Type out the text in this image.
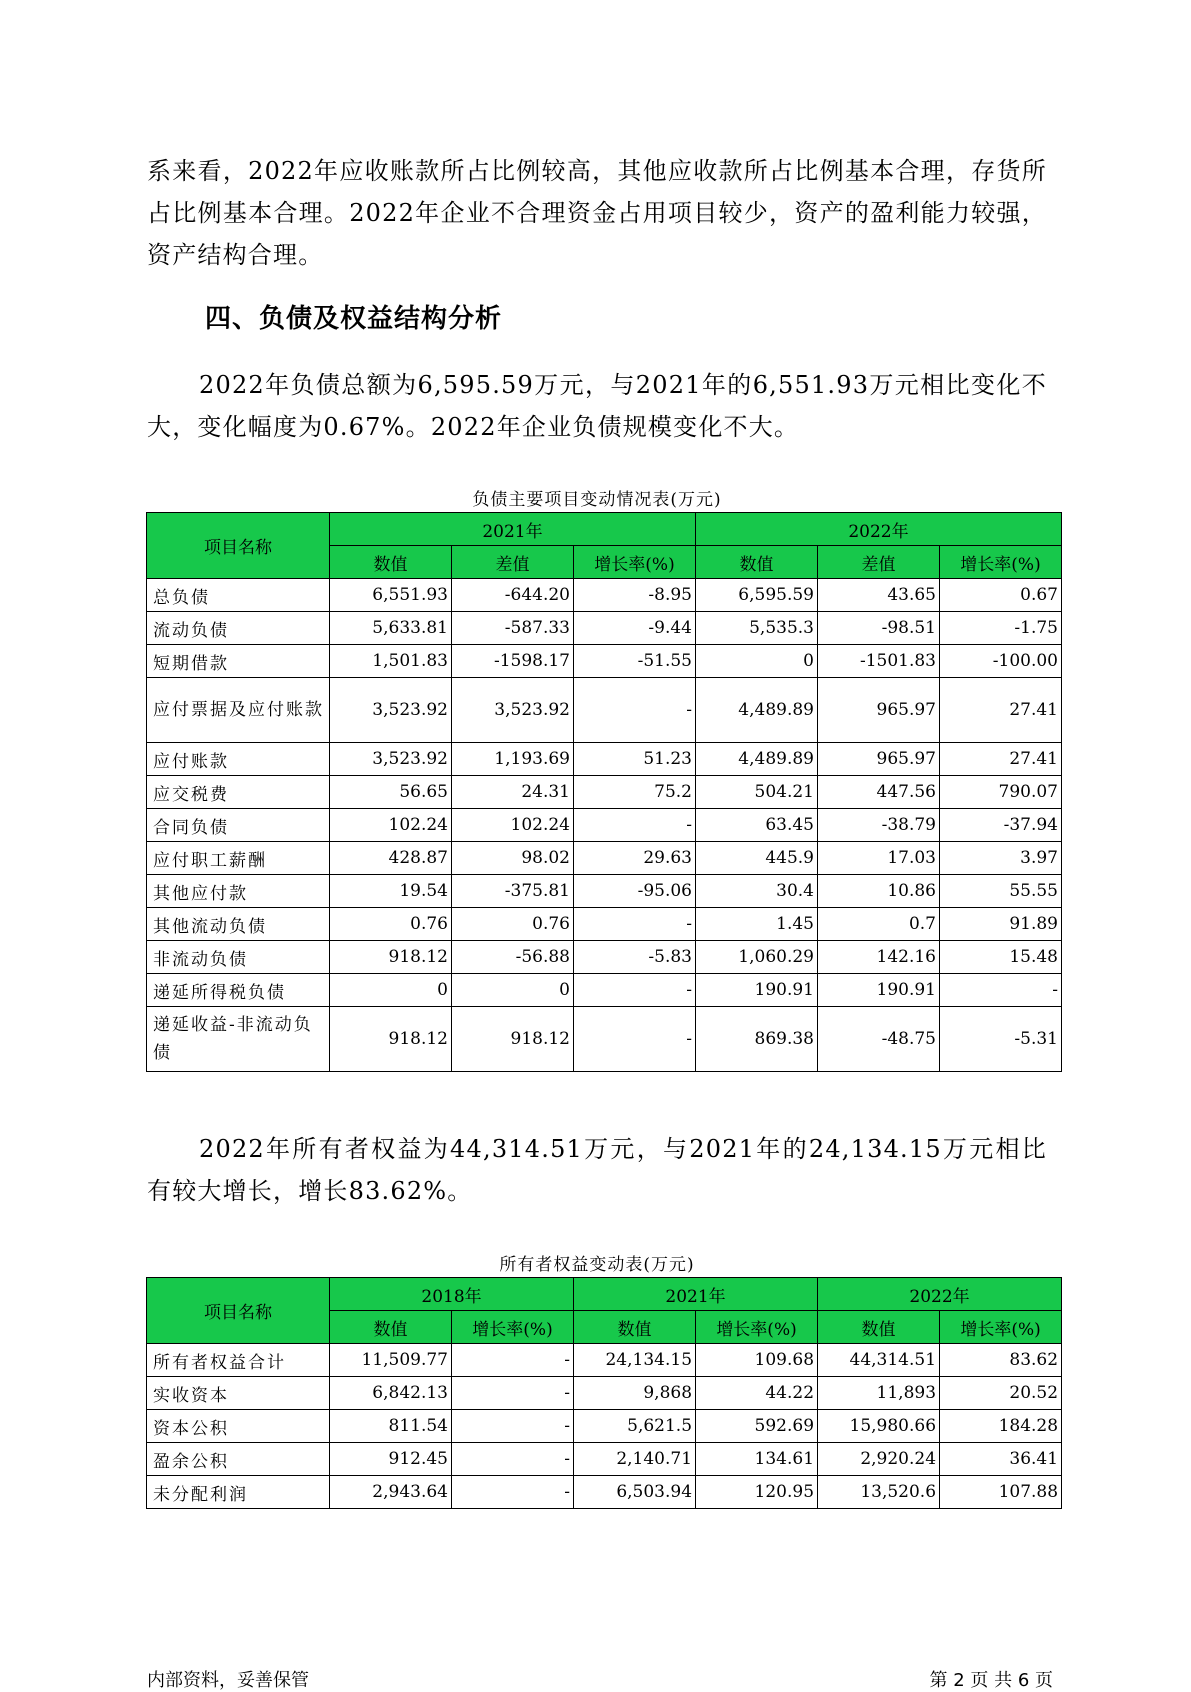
系来看，2022年应收账款所占比例较高，其他应收款所占比例基本合理，存货所占比例基本合理。2022年企业不合理资金占用项目较少，资产的盈利能力较强，资产结构合理。

四、负债及权益结构分析

2022年负债总额为6,595.59万元，与2021年的6,551.93万元相比变化不大，变化幅度为0.67%。2022年企业负债规模变化不大。

负债主要项目变动情况表(万元)

项目名称	2021年			2022年		
	数值	差值	增长率(%)	数值	差值	增长率(%)
总负债	6,551.93	-644.20	-8.95	6,595.59	43.65	0.67
流动负债	5,633.81	-587.33	-9.44	5,535.3	-98.51	-1.75
短期借款	1,501.83	-1598.17	-51.55	0	-1501.83	-100.00
应付票据及应付账款	3,523.92	3,523.92	-	4,489.89	965.97	27.41
应付账款	3,523.92	1,193.69	51.23	4,489.89	965.97	27.41
应交税费	56.65	24.31	75.2	504.21	447.56	790.07
合同负债	102.24	102.24	-	63.45	-38.79	-37.94
应付职工薪酬	428.87	98.02	29.63	445.9	17.03	3.97
其他应付款	19.54	-375.81	-95.06	30.4	10.86	55.55
其他流动负债	0.76	0.76	-	1.45	0.7	91.89
非流动负债	918.12	-56.88	-5.83	1,060.29	142.16	15.48
递延所得税负债	0	0	-	190.91	190.91	-
递延收益-非流动负债	918.12	918.12	-	869.38	-48.75	-5.31

2022年所有者权益为44,314.51万元，与2021年的24,134.15万元相比有较大增长，增长83.62%。

所有者权益变动表(万元)

项目名称	2018年		2021年		2022年	
	数值	增长率(%)	数值	增长率(%)	数值	增长率(%)
所有者权益合计	11,509.77	-	24,134.15	109.68	44,314.51	83.62
实收资本	6,842.13	-	9,868	44.22	11,893	20.52
资本公积	811.54	-	5,621.5	592.69	15,980.66	184.28
盈余公积	912.45	-	2,140.71	134.61	2,920.24	36.41
未分配利润	2,943.64	-	6,503.94	120.95	13,520.6	107.88

内部资料，妥善保管	第 2 页 共 6 页
